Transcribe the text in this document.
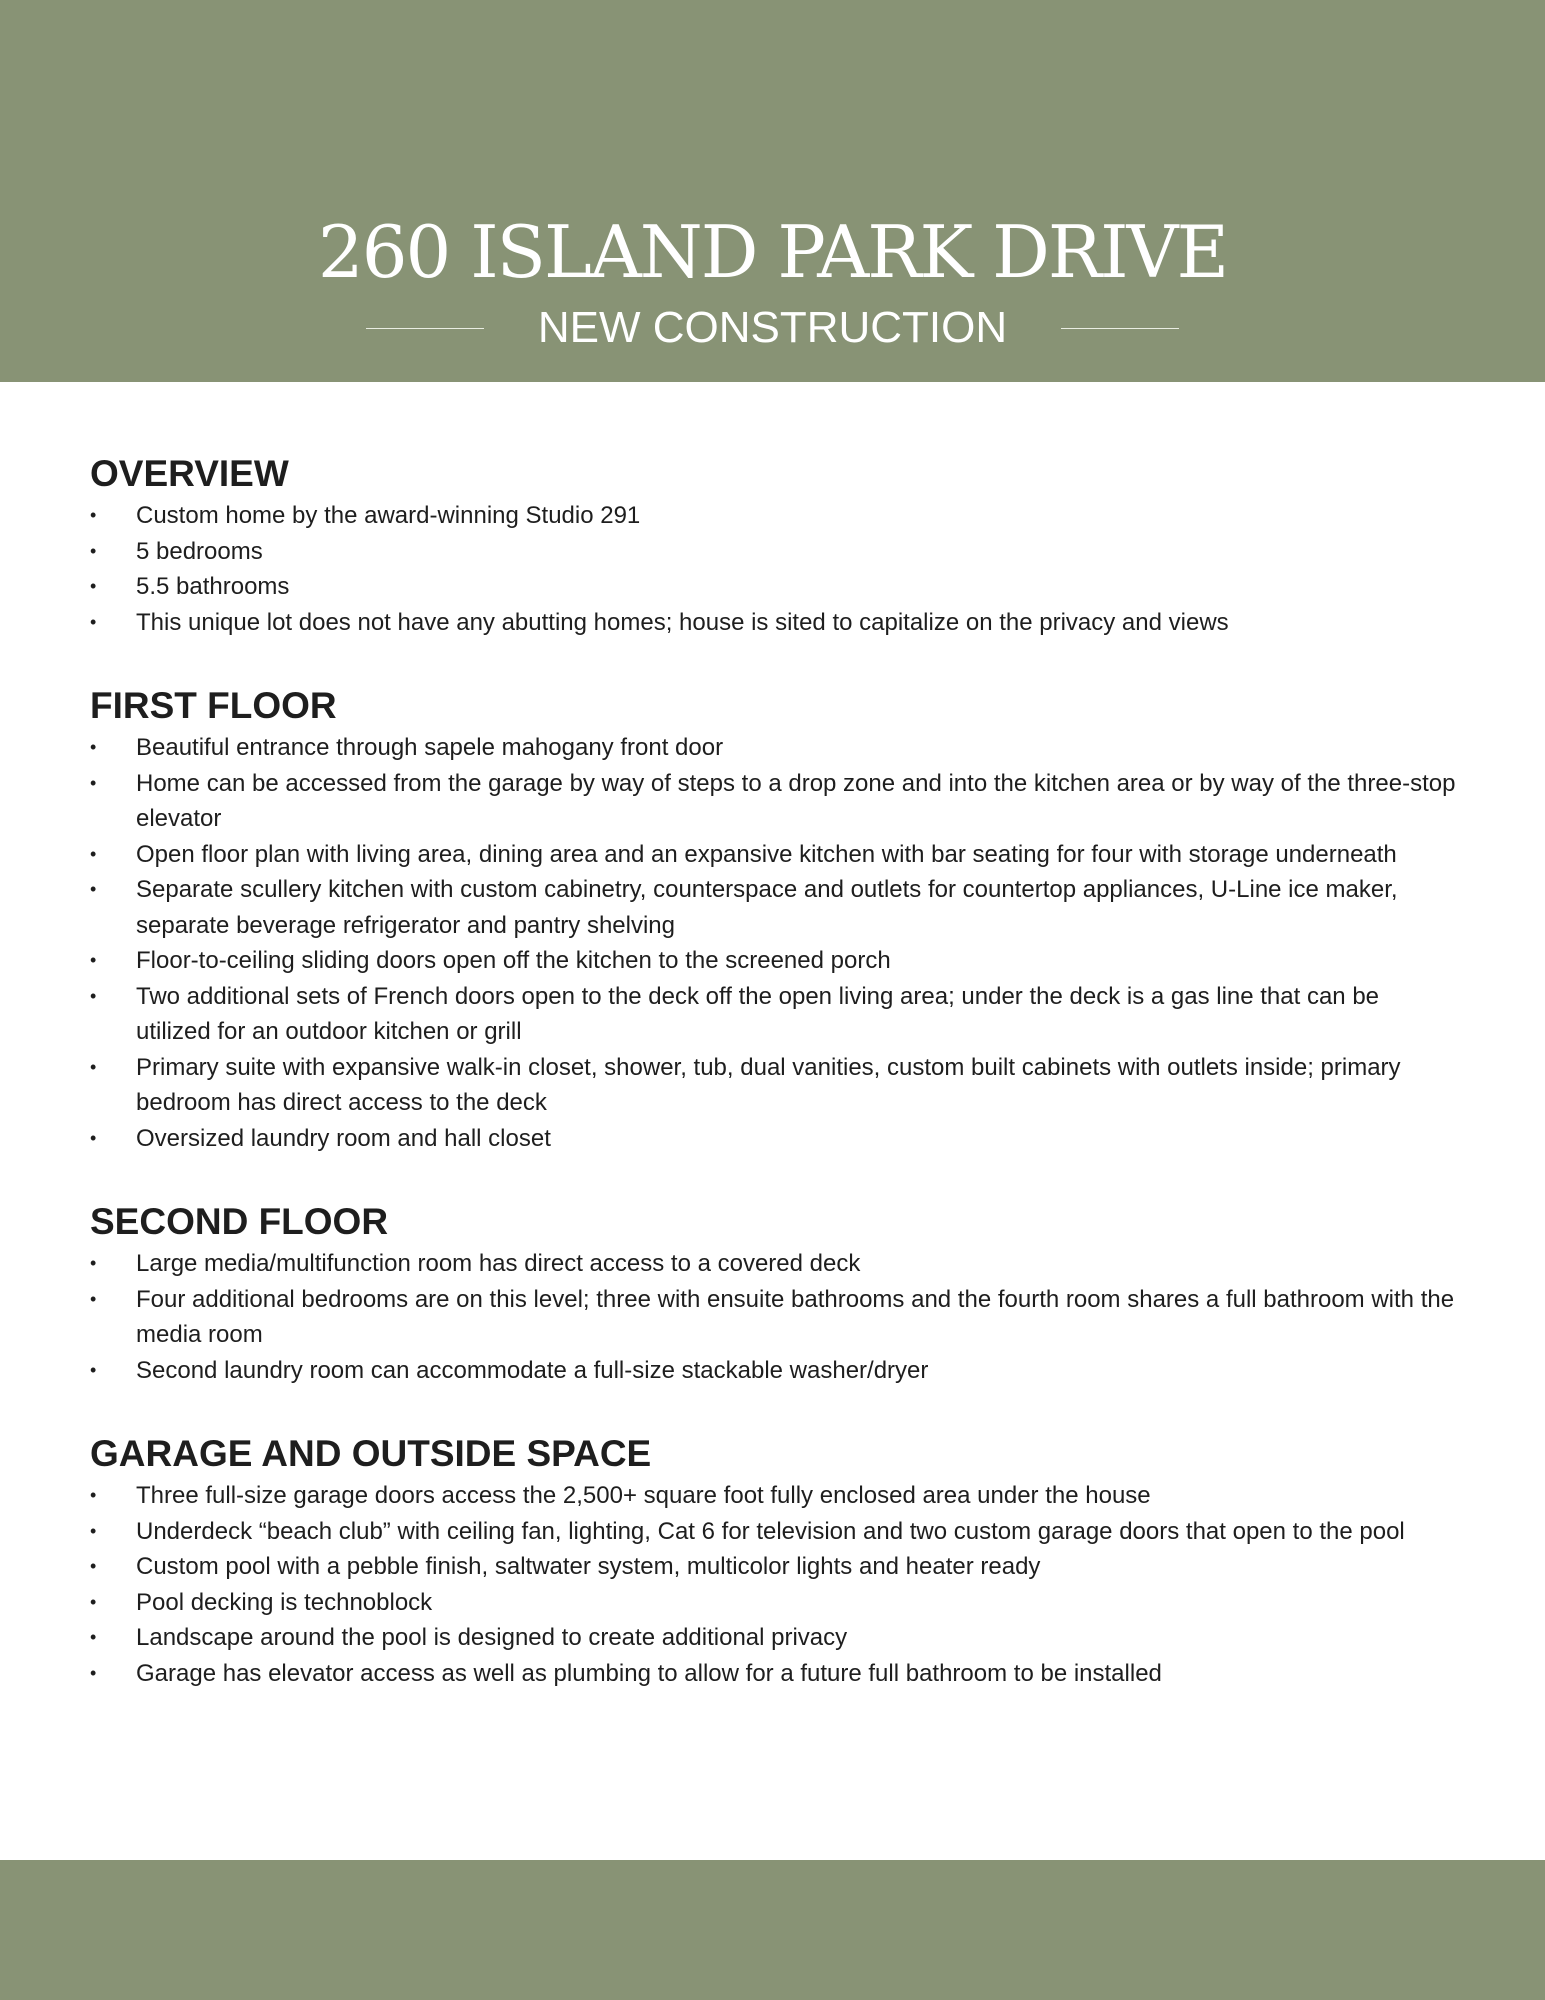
260 ISLAND PARK DRIVE
NEW CONSTRUCTION
OVERVIEW
• Custom home by the award-winning Studio 291
• 5 bedrooms
• 5.5 bathrooms
• This unique lot does not have any abutting homes; house is sited to capitalize on the privacy and views
FIRST FLOOR
• Beautiful entrance through sapele mahogany front door
• Home can be accessed from the garage by way of steps to a drop zone and into the kitchen area or by way of the three-stop elevator
• Open floor plan with living area, dining area and an expansive kitchen with bar seating for four with storage underneath
• Separate scullery kitchen with custom cabinetry, counterspace and outlets for countertop appliances, U-Line ice maker, separate beverage refrigerator and pantry shelving
• Floor-to-ceiling sliding doors open off the kitchen to the screened porch
• Two additional sets of French doors open to the deck off the open living area; under the deck is a gas line that can be utilized for an outdoor kitchen or grill
• Primary suite with expansive walk-in closet, shower, tub, dual vanities, custom built cabinets with outlets inside; primary bedroom has direct access to the deck
• Oversized laundry room and hall closet
SECOND FLOOR
• Large media/multifunction room has direct access to a covered deck
• Four additional bedrooms are on this level; three with ensuite bathrooms and the fourth room shares a full bathroom with the media room
• Second laundry room can accommodate a full-size stackable washer/dryer
GARAGE AND OUTSIDE SPACE
• Three full-size garage doors access the 2,500+ square foot fully enclosed area under the house
• Underdeck “beach club” with ceiling fan, lighting, Cat 6 for television and two custom garage doors that open to the pool
• Custom pool with a pebble finish, saltwater system, multicolor lights and heater ready
• Pool decking is technoblock
• Landscape around the pool is designed to create additional privacy
• Garage has elevator access as well as plumbing to allow for a future full bathroom to be installed
